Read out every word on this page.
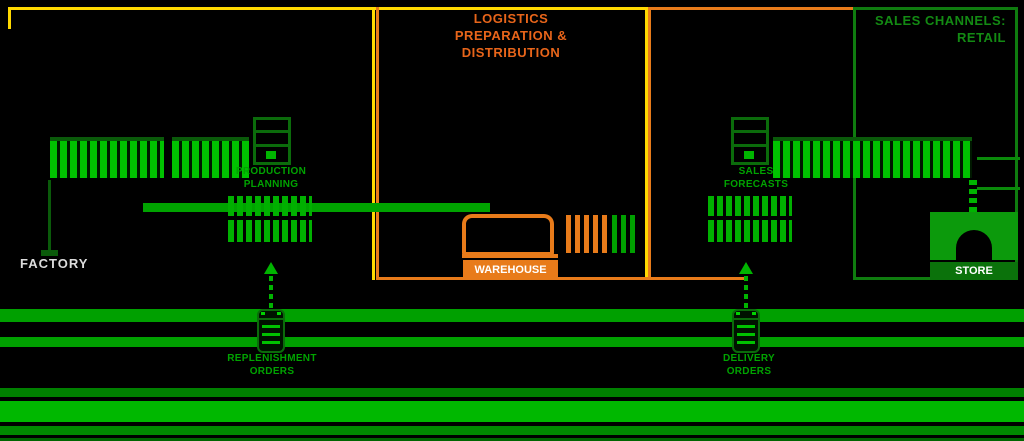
LOGISTICS
PREPARATION &
DISTRIBUTION
SALES CHANNELS:
RETAIL
FACTORY
PRODUCTION
PLANNING
WAREHOUSE
SALES
FORECASTS
STORE
REPLENISHMENT
ORDERS
DELIVERY
ORDERS
